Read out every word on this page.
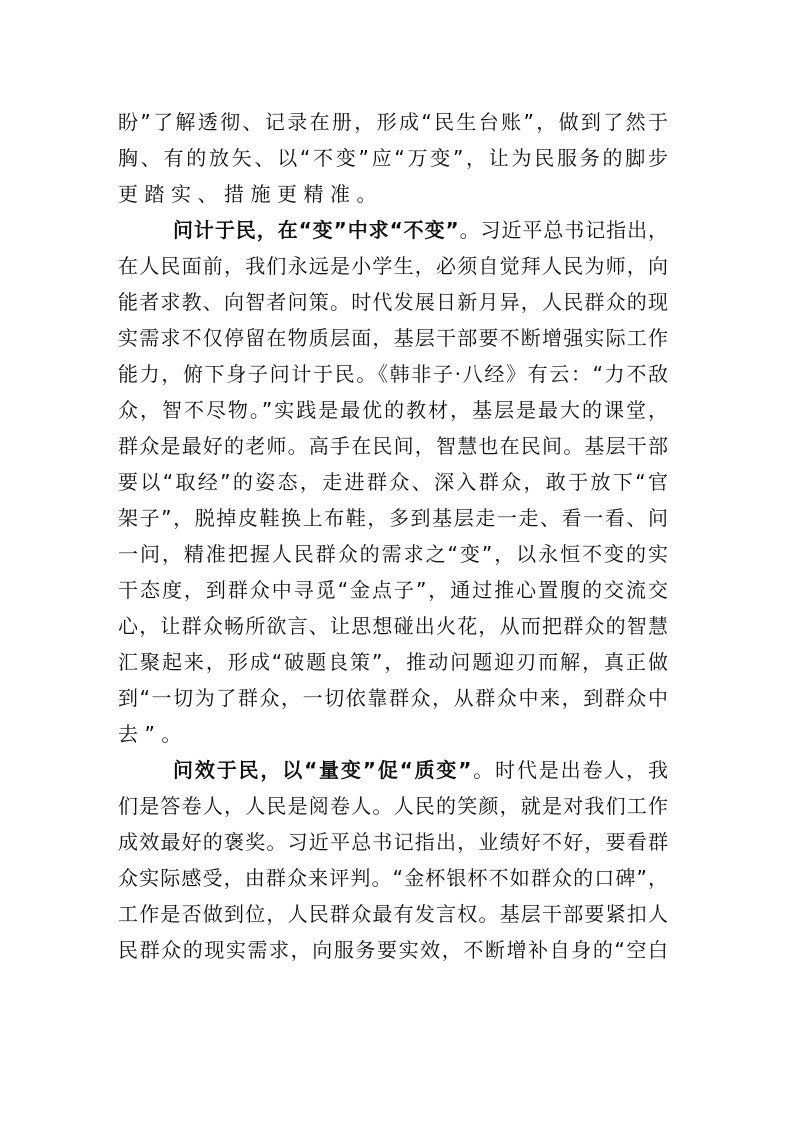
盼”了解透彻、记录在册，形成“民生台账”，做到了然于
胸、有的放矢、以“不变”应“万变”，让为民服务的脚步
更踏实、措施更精准。
问计于民，在“变”中求“不变”。习近平总书记指出，
在人民面前，我们永远是小学生，必须自觉拜人民为师，向
能者求教、向智者问策。时代发展日新月异，人民群众的现
实需求不仅停留在物质层面，基层干部要不断增强实际工作
能力，俯下身子问计于民。《韩非子·八经》有云：“力不敌
众，智不尽物。”实践是最优的教材，基层是最大的课堂，
群众是最好的老师。高手在民间，智慧也在民间。基层干部
要以“取经”的姿态，走进群众、深入群众，敢于放下“官
架子”，脱掉皮鞋换上布鞋，多到基层走一走、看一看、问
一问，精准把握人民群众的需求之“变”，以永恒不变的实
干态度，到群众中寻觅“金点子”，通过推心置腹的交流交
心，让群众畅所欲言、让思想碰出火花，从而把群众的智慧
汇聚起来，形成“破题良策”，推动问题迎刃而解，真正做
到“一切为了群众，一切依靠群众，从群众中来，到群众中
去”。
问效于民，以“量变”促“质变”。时代是出卷人，我
们是答卷人，人民是阅卷人。人民的笑颜，就是对我们工作
成效最好的褒奖。习近平总书记指出，业绩好不好，要看群
众实际感受，由群众来评判。“金杯银杯不如群众的口碑”，
工作是否做到位，人民群众最有发言权。基层干部要紧扣人
民群众的现实需求，向服务要实效，不断增补自身的“空白
